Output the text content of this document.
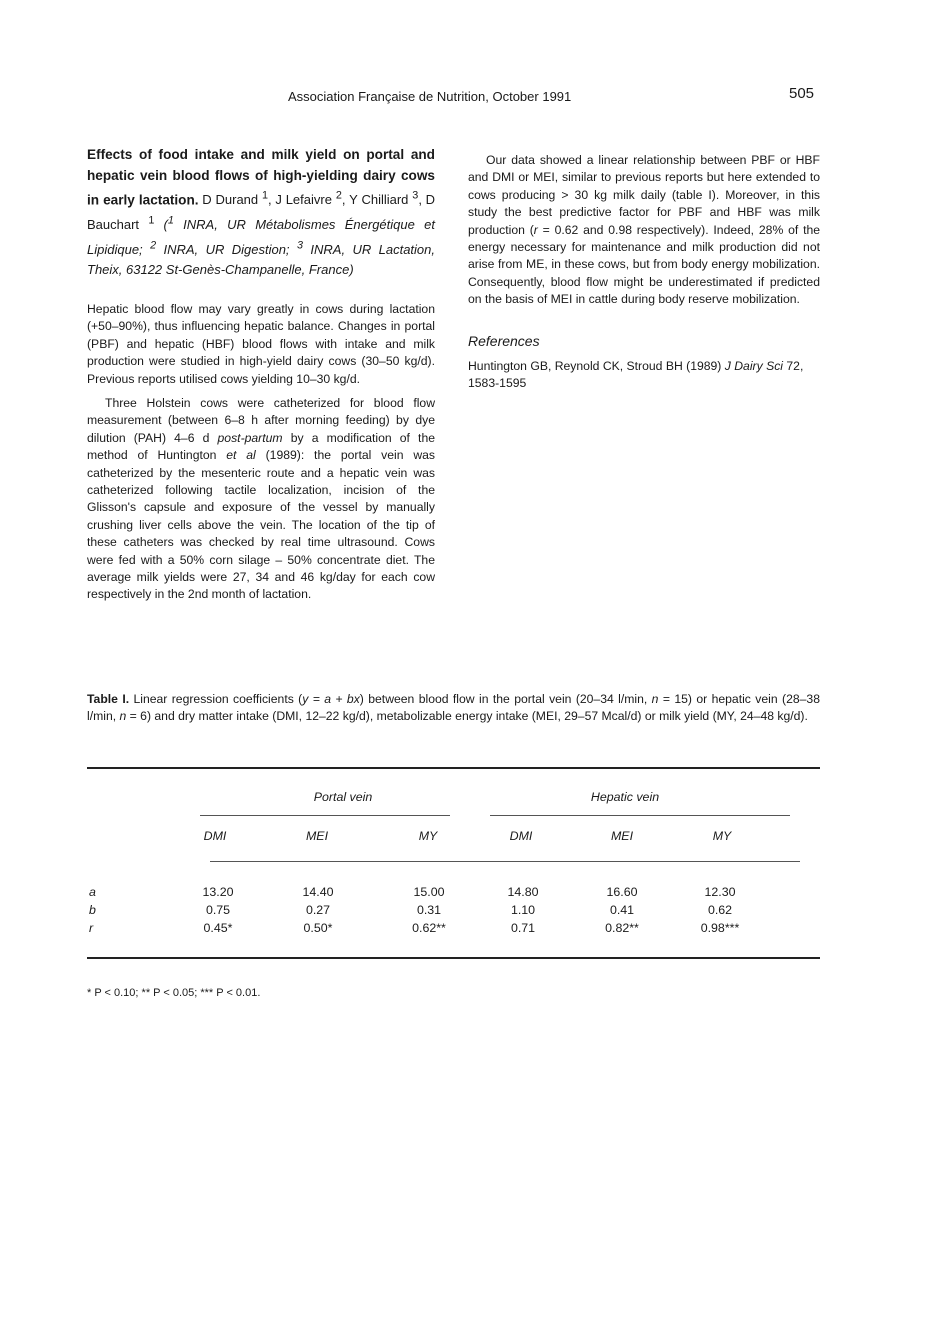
Association Française de Nutrition, October 1991	505

Effects of food intake and milk yield on portal and hepatic vein blood flows of high-yielding dairy cows in early lactation. D Durand $^1$, J Lefaivre $^2$, Y Chilliard $^3$, D Bauchart $^1$ ($^1$ INRA, UR Métabolismes Énergétique et Lipidique; $^2$ INRA, UR Digestion; $^3$ INRA, UR Lactation, Theix, 63122 St-Genès-Champanelle, France)

Hepatic blood flow may vary greatly in cows during lactation (+50–90%), thus influencing hepatic balance. Changes in portal (PBF) and hepatic (HBF) blood flows with intake and milk production were studied in high-yield dairy cows (30–50 kg/d). Previous reports utilised cows yielding 10–30 kg/d.

Three Holstein cows were catheterized for blood flow measurement (between 6–8 h after morning feeding) by dye dilution (PAH) 4–6 d post-partum by a modification of the method of Huntington et al (1989): the portal vein was catheterized by the mesenteric route and a hepatic vein was catheterized following tactile localization, incision of the Glisson's capsule and exposure of the vessel by manually crushing liver cells above the vein. The location of the tip of these catheters was checked by real time ultrasound. Cows were fed with a 50% corn silage – 50% concentrate diet. The average milk yields were 27, 34 and 46 kg/day for each cow respectively in the 2nd month of lactation.

Our data showed a linear relationship between PBF or HBF and DMI or MEI, similar to previous reports but here extended to cows producing > 30 kg milk daily (table I). Moreover, in this study the best predictive factor for PBF and HBF was milk production (r = 0.62 and 0.98 respectively). Indeed, 28% of the energy necessary for maintenance and milk production did not arise from ME, in these cows, but from body energy mobilization. Consequently, blood flow might be underestimated if predicted on the basis of MEI in cattle during body reserve mobilization.

References

Huntington GB, Reynold CK, Stroud BH (1989) J Dairy Sci 72, 1583-1595

Table I. Linear regression coefficients (y = a + bx) between blood flow in the portal vein (20–34 l/min, n = 15) or hepatic vein (28–38 l/min, n = 6) and dry matter intake (DMI, 12–22 kg/d), metabolizable energy intake (MEI, 29–57 Mcal/d) or milk yield (MY, 24–48 kg/d).
Portal vein	Hepatic vein
DMI	MEI	MY	DMI	MEI	MY
a	13.20	14.40	15.00	14.80	16.60	12.30
b	0.75	0.27	0.31	1.10	0.41	0.62
r	0.45*	0.50*	0.62**	0.71	0.82**	0.98***
* P < 0.10; ** P < 0.05; *** P < 0.01.
